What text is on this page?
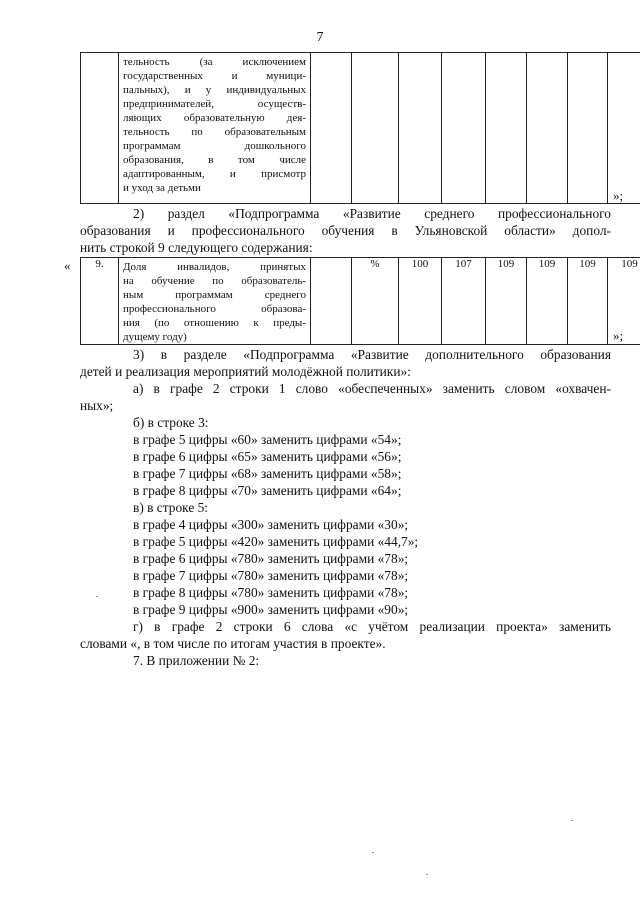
7

тельность (за исключением
государственных и муници-
пальных), и у индивидуальных
предпринимателей, осуществ-
ляющих образовательную дея-
тельность по образовательным
программам дошкольного
образования, в том числе
адаптированным, и присмотр
и уход за детьми
									»;
2) раздел «Подпрограмма «Развитие среднего профессионального
образования и профессионального обучения в Ульяновской области» допол-
нить строкой 9 следующего содержания:
« 9.	Доля инвалидов, принятых
на обучение по образователь-
ным программам среднего
профессионального образова-
ния (по отношению к преды-
дущему году)
		%	100	107	109	109	109	109
»;
3) в разделе «Подпрограмма «Развитие дополнительного образования
детей и реализация мероприятий молодёжной политики»:
а) в графе 2 строки 1 слово «обеспеченных» заменить словом «охвачен-
ных»;
б) в строке 3:
в графе 5 цифры «60» заменить цифрами «54»;
в графе 6 цифры «65» заменить цифрами «56»;
в графе 7 цифры «68» заменить цифрами «58»;
в графе 8 цифры «70» заменить цифрами «64»;
в) в строке 5:
в графе 4 цифры «300» заменить цифрами «30»;
в графе 5 цифры «420» заменить цифрами «44,7»;
в графе 6 цифры «780» заменить цифрами «78»;
в графе 7 цифры «780» заменить цифрами «78»;
в графе 8 цифры «780» заменить цифрами «78»;
в графе 9 цифры «900» заменить цифрами «90»;
г) в графе 2 строки 6 слова «с учётом реализации проекта» заменить
словами «, в том числе по итогам участия в проекте».
7. В приложении № 2:
